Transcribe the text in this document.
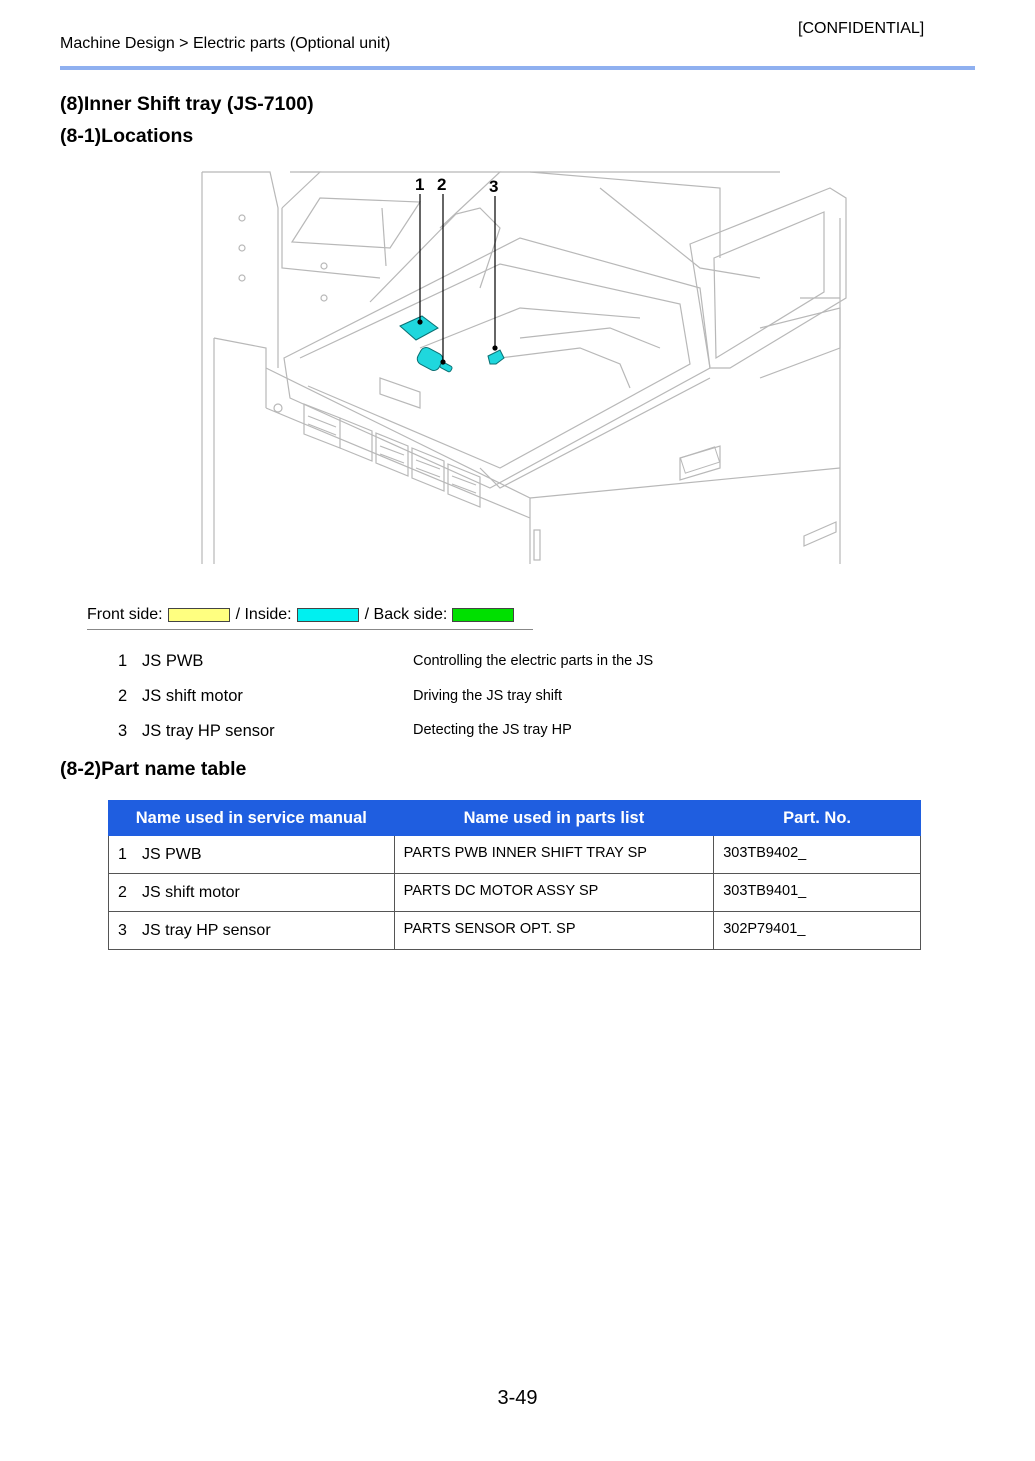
Machine Design > Electric parts (Optional unit)
[CONFIDENTIAL]
(8)Inner Shift tray (JS-7100)
(8-1)Locations
1 2	3
Front side:	/ Inside:	/ Back side:
1 JS PWB	Controlling the electric parts in the JS
2 JS shift motor	Driving the JS tray shift
3 JS tray HP sensor	Detecting the JS tray HP
(8-2)Part name table
Name used in service manual	Name used in parts list	Part. No.
1 JS PWB	PARTS PWB INNER SHIFT TRAY SP	303TB9402_
2 JS shift motor	PARTS DC MOTOR ASSY SP	303TB9401_
3 JS tray HP sensor	PARTS SENSOR OPT. SP	302P79401_
3-49
